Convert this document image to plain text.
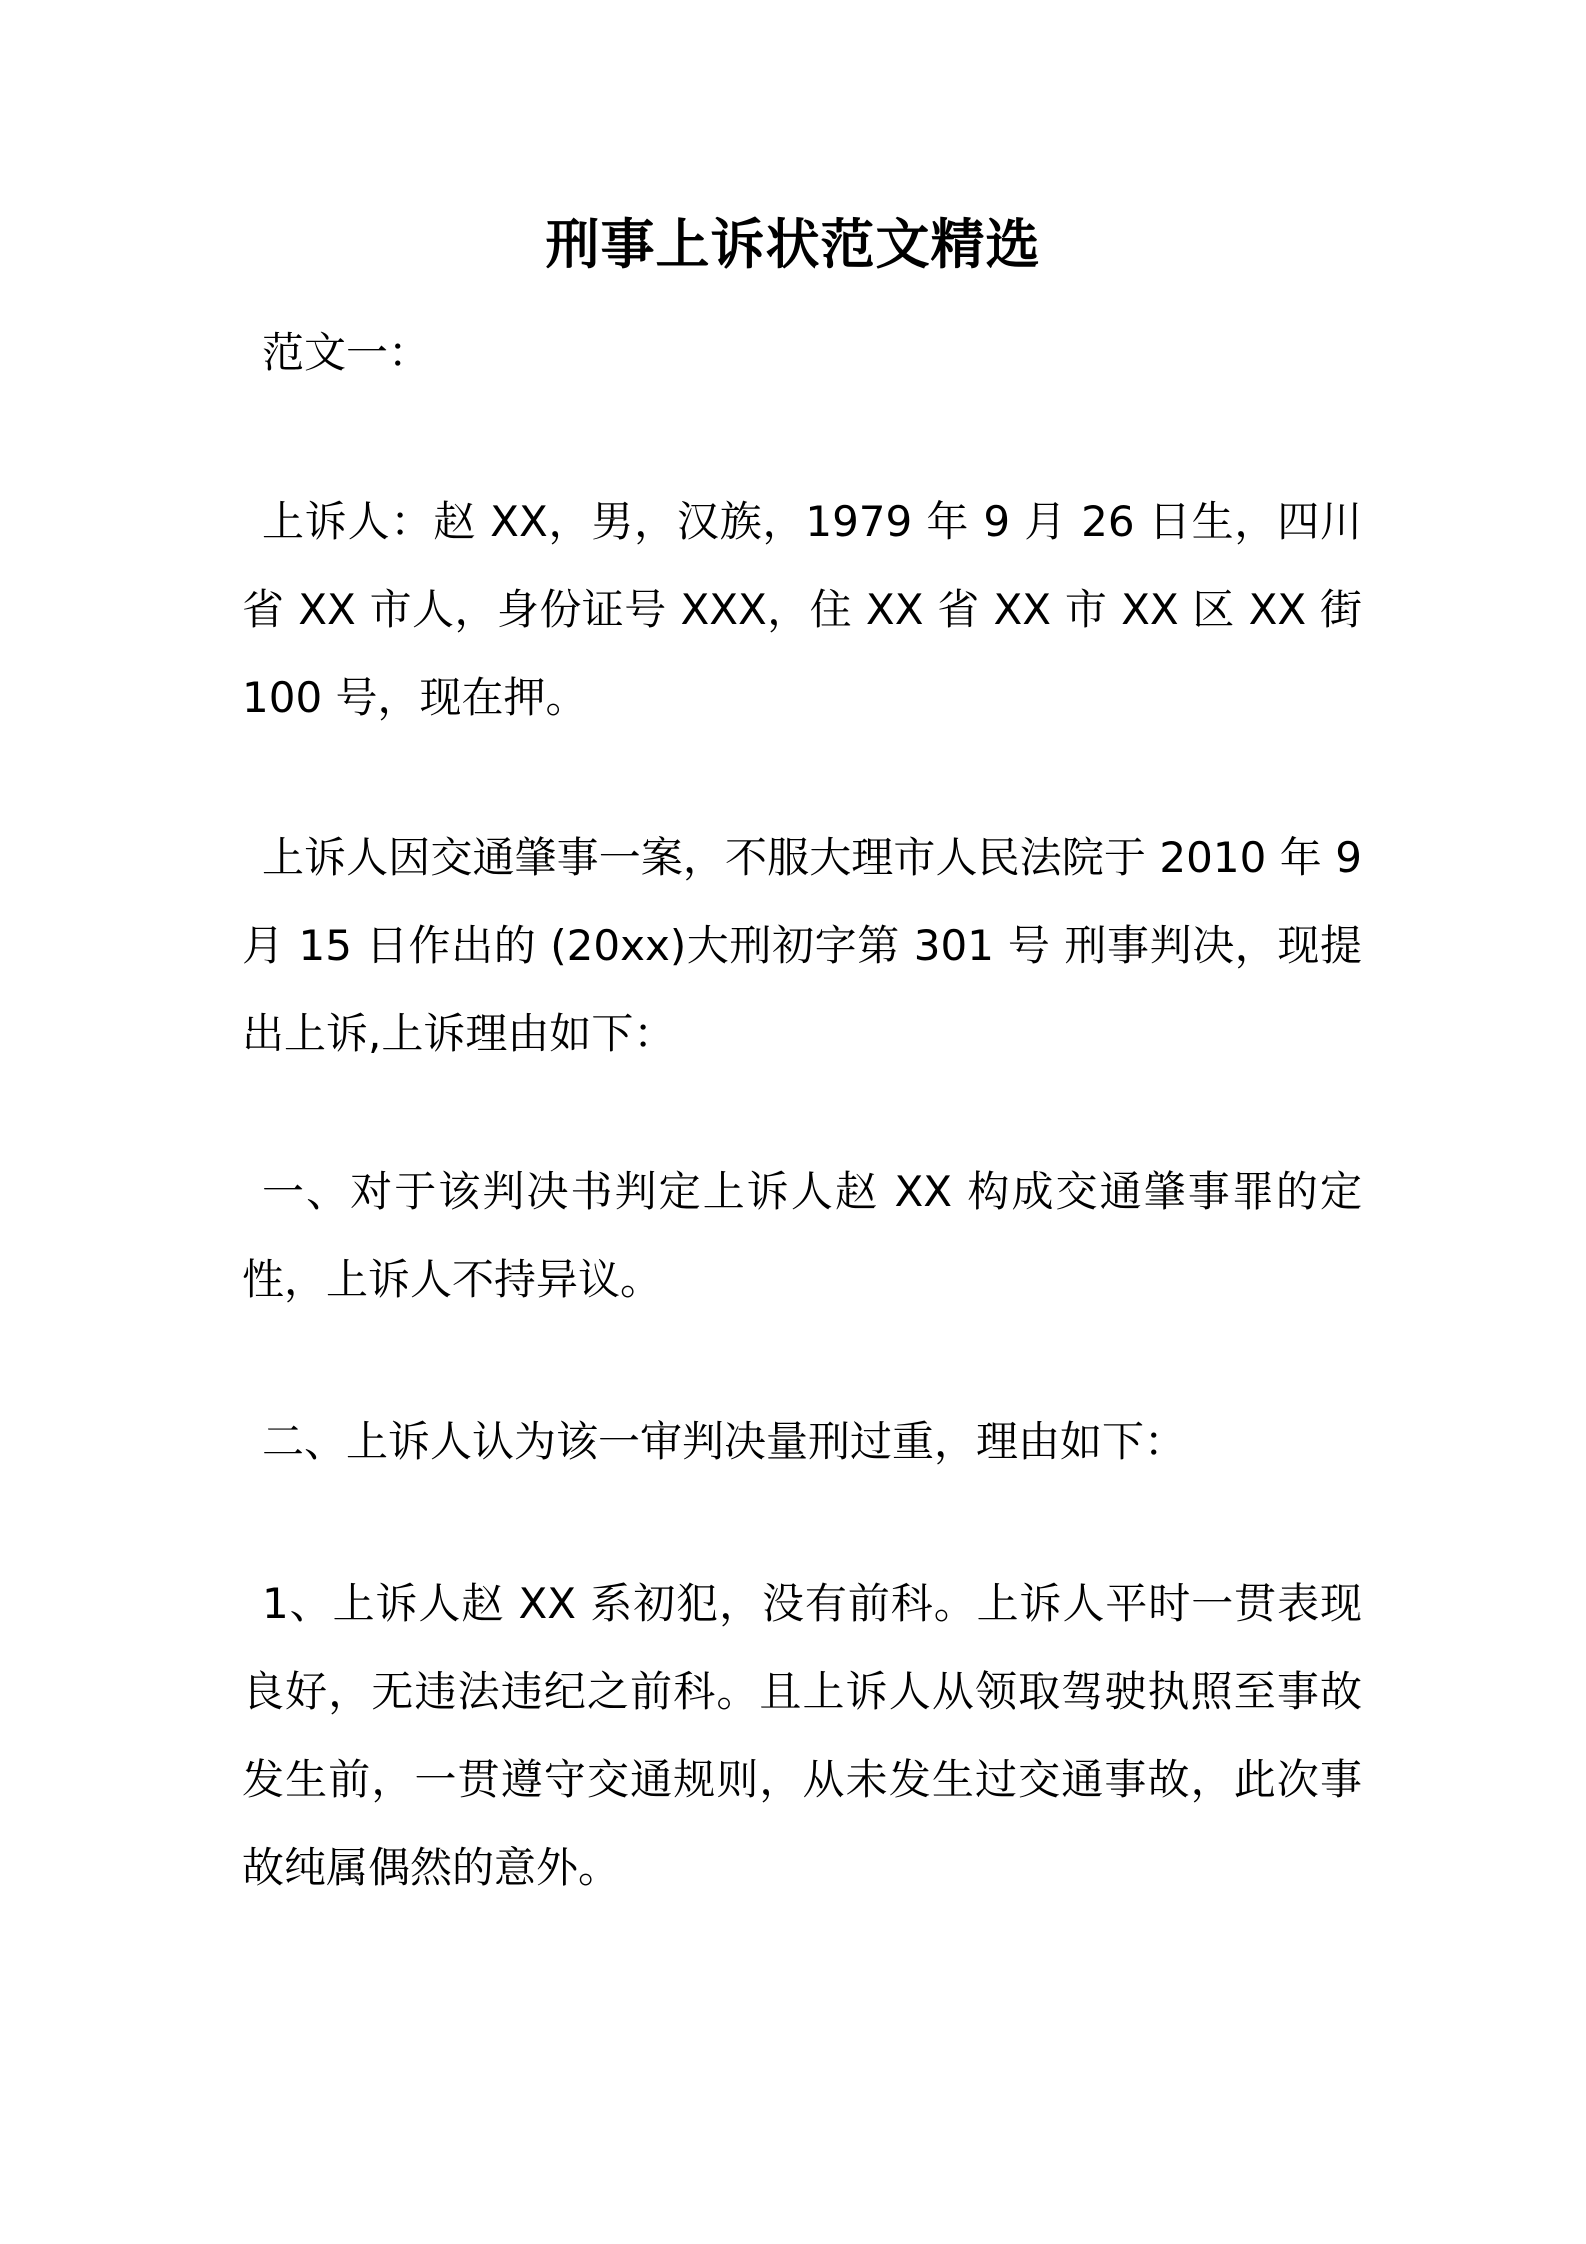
刑事上诉状范文精选
范文一：

上诉人：赵 XX，男，汉族，1979 年 9 月 26 日生，四川省 XX 市人，身份证号 XXX，住 XX 省 XX 市 XX 区 XX 街 100 号，现在押。

上诉人因交通肇事一案，不服大理市人民法院于 2010 年 9 月 15 日作出的 (20xx)大刑初字第 301 号 刑事判决，现提出上诉,上诉理由如下：

一、对于该判决书判定上诉人赵 XX 构成交通肇事罪的定性，上诉人不持异议。

二、上诉人认为该一审判决量刑过重，理由如下：

1、上诉人赵 XX 系初犯，没有前科。上诉人平时一贯表现良好，无违法违纪之前科。且上诉人从领取驾驶执照至事故发生前，一贯遵守交通规则，从未发生过交通事故，此次事故纯属偶然的意外。
